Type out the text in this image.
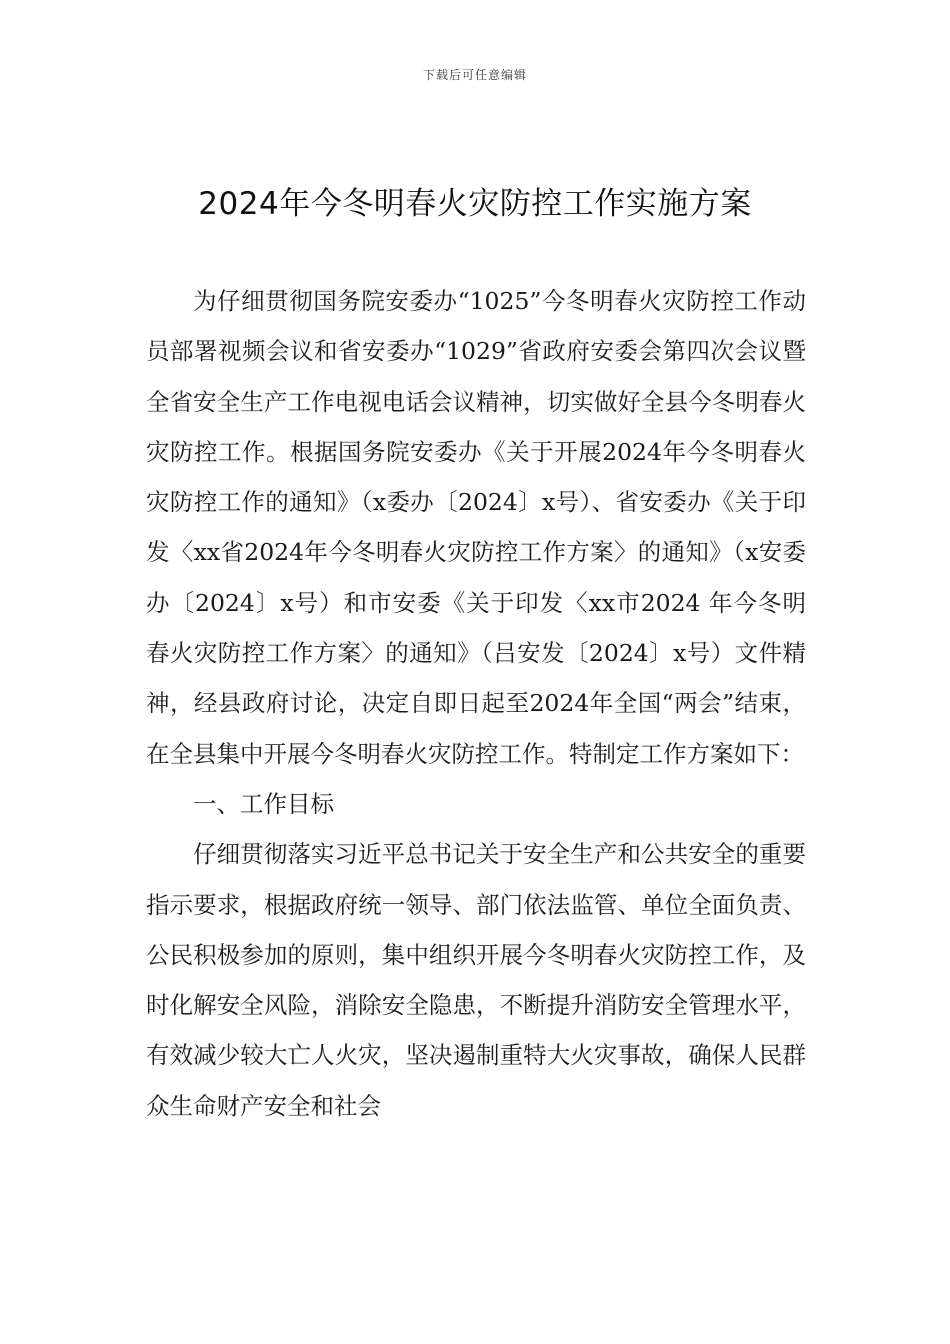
下载后可任意编辑
2024年今冬明春火灾防控工作实施方案

为仔细贯彻国务院安委办“1025”今冬明春火灾防控工作动员部署视频会议和省安委办“1029”省政府安委会第四次会议暨全省安全生产工作电视电话会议精神，切实做好全县今冬明春火灾防控工作。根据国务院安委办《关于开展2024年今冬明春火灾防控工作的通知》（x委办〔2024〕x号）、省安委办《关于印发〈xx省2024年今冬明春火灾防控工作方案〉的通知》（x安委办〔2024〕x号）和市安委《关于印发〈xx市2024 年今冬明春火灾防控工作方案〉的通知》（吕安发〔2024〕x号）文件精神，经县政府讨论，决定自即日起至2024年全国“两会”结束，在全县集中开展今冬明春火灾防控工作。特制定工作方案如下：

一、工作目标

仔细贯彻落实习近平总书记关于安全生产和公共安全的重要指示要求，根据政府统一领导、部门依法监管、单位全面负责、公民积极参加的原则，集中组织开展今冬明春火灾防控工作，及时化解安全风险，消除安全隐患，不断提升消防安全管理水平，有效减少较大亡人火灾，坚决遏制重特大火灾事故，确保人民群众生命财产安全和社会
